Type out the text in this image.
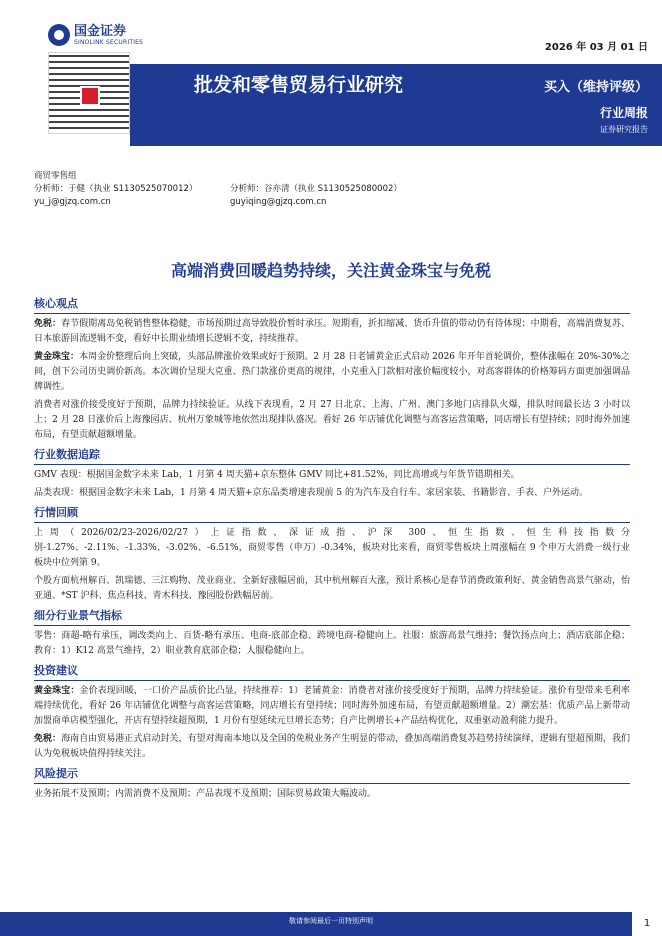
国金证券
SINOLINK SECURITIES	2026 年 03 月 01 日
批发和零售贸易行业研究	买入（维持评级）
行业周报
证券研究报告
商贸零售组
分析师：于健（执业 S1130525070012）
yu_j@gjzq.com.cn
分析师：谷亦清（执业 S1130525080002）
guyiqing@gjzq.com.cn
高端消费回暖趋势持续，关注黄金珠宝与免税
核心观点

免税：春节假期离岛免税销售整体稳健，市场预期过高导致股价暂时承压。短期看，折扣缩减、货币升值的带动仍有待体现；中期看，高端消费复苏、日本旅游回流逻辑不变，看好中长期业绩增长逻辑不变，持续推荐。

黄金珠宝：本周金价整理后向上突破，头部品牌涨价效果或好于预期。2 月 28 日老铺黄金正式启动 2026 年开年首轮调价，整体涨幅在 20%-30%之间，创下公司历史调价新高。本次调价呈现大克重、热门款涨价更高的规律，小克重入门款相对涨价幅度较小，对高客群体的价格筹码方面更加强调品牌调性。

消费者对涨价接受度好于预期，品牌力持续验证。从线下表现看，2 月 27 日北京、上海、广州、澳门多地门店排队火爆，排队时间最长达 3 小时以上；2 月 28 日涨价后上海豫园店、杭州万象城等地依然出现排队盛况。看好 26 年店铺优化调整与高客运营策略，同店增长有望持续；同时海外加速布局，有望贡献超额增量。

行业数据追踪

GMV 表现：根据国金数字未来 Lab，1 月第 4 周天猫+京东整体 GMV 同比+81.52%，同比高增或与年货节错期相关。

品类表现：根据国金数字未来 Lab，1 月第 4 周天猫+京东品类增速表现前 5 的为汽车及自行车、家居家装、书籍影音、手表、户外运动。

行情回顾

上周（2026/02/23-2026/02/27）上证指数、深证成指、沪深 300、恒生指数、恒生科技指数分别-1.27%、-2.11%、-1.33%、-3.02%、-6.51%，商贸零售（申万）-0.34%，板块对比来看，商贸零售板块上周涨幅在 9 个申万大消费一级行业板块中位列第 9。

个股方面杭州解百、凯瑞德、三江购物、茂业商业、全新好涨幅居前，其中杭州解百大涨，预计系核心是春节消费政策利好、黄金销售高景气驱动，怡亚通、*ST 沪科、焦点科技、青木科技、豫园股份跌幅居前。

细分行业景气指标

零售：商超-略有承压，调改类向上、百货-略有承压、电商-底部企稳、跨境电商-稳健向上。社服：旅游高景气维持；餐饮扬点向上；酒店底部企稳；教育：1）K12 高景气维持，2）职业教育底部企稳；人服稳健向上。

投资建议

黄金珠宝：金价表现回暖，一口价产品质价比凸显，持续推荐：1）老铺黄金：消费者对涨价接受度好于预期，品牌力持续验证。涨价有望带来毛利率端持续优化，看好 26 年店铺优化调整与高客运营策略，同店增长有望持续；同时海外加速布局，有望贡献超额增量。2）潮宏基：优质产品上新带动加盟商单店模型强化，开店有望持续超预期，1 月份有望延续元旦增长态势；自产比例增长+产品结构优化，双重驱动盈利能力提升。

免税：海南自由贸易港正式启动封关，有望对海南本地以及全国的免税业务产生明显的带动，叠加高端消费复苏趋势持续演绎，逻辑有望超预期，我们认为免税板块值得持续关注。

风险提示

业务拓展不及预期；内需消费不及预期；产品表现不及预期；国际贸易政策大幅波动。

敬请参阅最后一页特别声明	1
